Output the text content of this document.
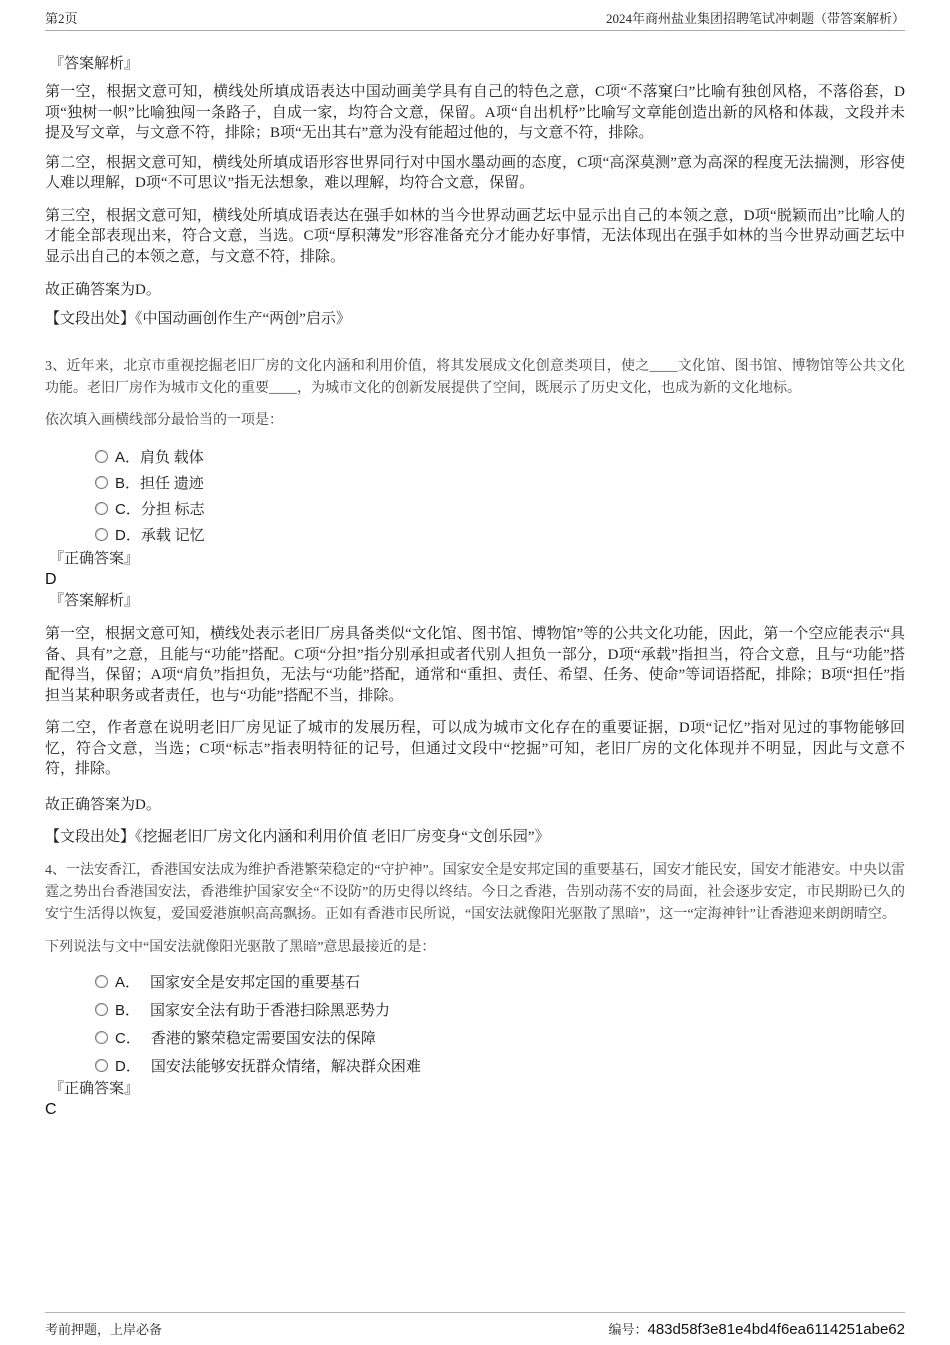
第2页	2024年商州盐业集团招聘笔试冲刺题（带答案解析）
『答案解析』
第一空，根据文意可知，横线处所填成语表达中国动画美学具有自己的特色之意，C项“不落窠臼”比喻有独创风格，不落俗套，D项“独树一帜”比喻独闯一条路子，自成一家，均符合文意，保留。A项“自出机杼”比喻写文章能创造出新的风格和体裁，文段并未提及写文章，与文意不符，排除；B项“无出其右”意为没有能超过他的，与文意不符，排除。
第二空，根据文意可知，横线处所填成语形容世界同行对中国水墨动画的态度，C项“高深莫测”意为高深的程度无法揣测，形容使人难以理解，D项“不可思议”指无法想象，难以理解，均符合文意，保留。
第三空，根据文意可知，横线处所填成语表达在强手如林的当今世界动画艺坛中显示出自己的本领之意，D项“脱颖而出”比喻人的才能全部表现出来，符合文意，当选。C项“厚积薄发”形容准备充分才能办好事情，无法体现出在强手如林的当今世界动画艺坛中显示出自己的本领之意，与文意不符，排除。
故正确答案为D。
【文段出处】《中国动画创作生产“两创”启示》
3、近年来，北京市重视挖掘老旧厂房的文化内涵和利用价值，将其发展成文化创意类项目，使之____文化馆、图书馆、博物馆等公共文化功能。老旧厂房作为城市文化的重要____，为城市文化的创新发展提供了空间，既展示了历史文化，也成为新的文化地标。
依次填入画横线部分最恰当的一项是：
A． 肩负 载体
B． 担任 遗迹
C． 分担 标志
D． 承载 记忆
『正确答案』
D
『答案解析』
第一空，根据文意可知，横线处表示老旧厂房具备类似“文化馆、图书馆、博物馆”等的公共文化功能，因此，第一个空应能表示“具备、具有”之意，且能与“功能”搭配。C项“分担”指分别承担或者代别人担负一部分，D项“承载”指担当，符合文意，且与“功能”搭配得当，保留；A项“肩负”指担负，无法与“功能”搭配，通常和“重担、责任、希望、任务、使命”等词语搭配，排除；B项“担任”指担当某种职务或者责任，也与“功能”搭配不当，排除。
第二空，作者意在说明老旧厂房见证了城市的发展历程，可以成为城市文化存在的重要证据，D项“记忆”指对见过的事物能够回忆，符合文意，当选；C项“标志”指表明特征的记号，但通过文段中“挖掘”可知，老旧厂房的文化体现并不明显，因此与文意不符，排除。
故正确答案为D。
【文段出处】《挖掘老旧厂房文化内涵和利用价值 老旧厂房变身“文创乐园”》
4、一法安香江，香港国安法成为维护香港繁荣稳定的“守护神”。国家安全是安邦定国的重要基石，国安才能民安，国安才能港安。中央以雷霆之势出台香港国安法，香港维护国家安全“不设防”的历史得以终结。今日之香港，告别动荡不安的局面，社会逐步安定，市民期盼已久的安宁生活得以恢复，爱国爱港旗帜高高飘扬。正如有香港市民所说，“国安法就像阳光驱散了黑暗”，这一“定海神针”让香港迎来朗朗晴空。
下列说法与文中“国安法就像阳光驱散了黑暗”意思最接近的是：
A． 国家安全是安邦定国的重要基石
B． 国家安全法有助于香港扫除黑恶势力
C． 香港的繁荣稳定需要国安法的保障
D． 国安法能够安抚群众情绪，解决群众困难
『正确答案』
C
考前押题，上岸必备	编号：483d58f3e81e4bd4f6ea6114251abe62
